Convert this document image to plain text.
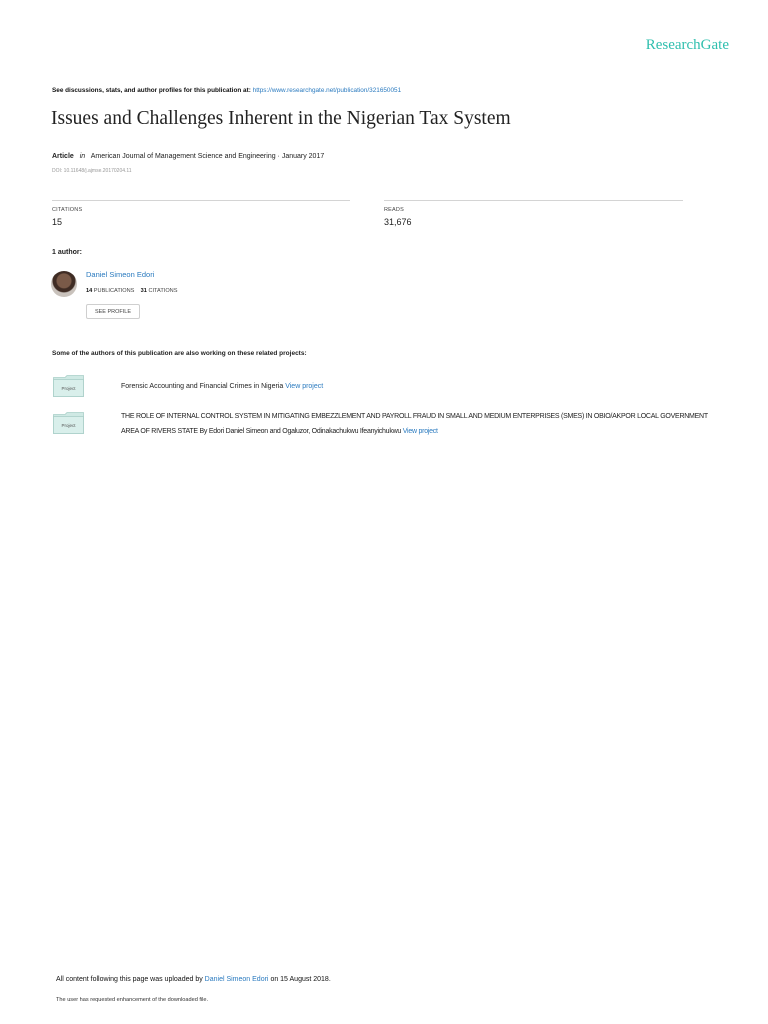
ResearchGate
See discussions, stats, and author profiles for this publication at: https://www.researchgate.net/publication/321650051
Issues and Challenges Inherent in the Nigerian Tax System
Article in American Journal of Management Science and Engineering · January 2017
DOI: 10.11648/j.ajmse.20170204.11
CITATIONS
15
READS
31,676
1 author:
Daniel Simeon Edori
14 PUBLICATIONS 31 CITATIONS
SEE PROFILE
Some of the authors of this publication are also working on these related projects:
Project	Forensic Accounting and Financial Crimes in Nigeria View project
Project
THE ROLE OF INTERNAL CONTROL SYSTEM IN MITIGATING EMBEZZLEMENT AND PAYROLL FRAUD IN SMALL AND MEDIUM ENTERPRISES (SMES) IN OBIO/AKPOR LOCAL GOVERNMENT AREA OF RIVERS STATE By Edori Daniel Simeon and Ogaluzor, Odinakachukwu Ifeanyichukwu View project
All content following this page was uploaded by Daniel Simeon Edori on 15 August 2018.
The user has requested enhancement of the downloaded file.
